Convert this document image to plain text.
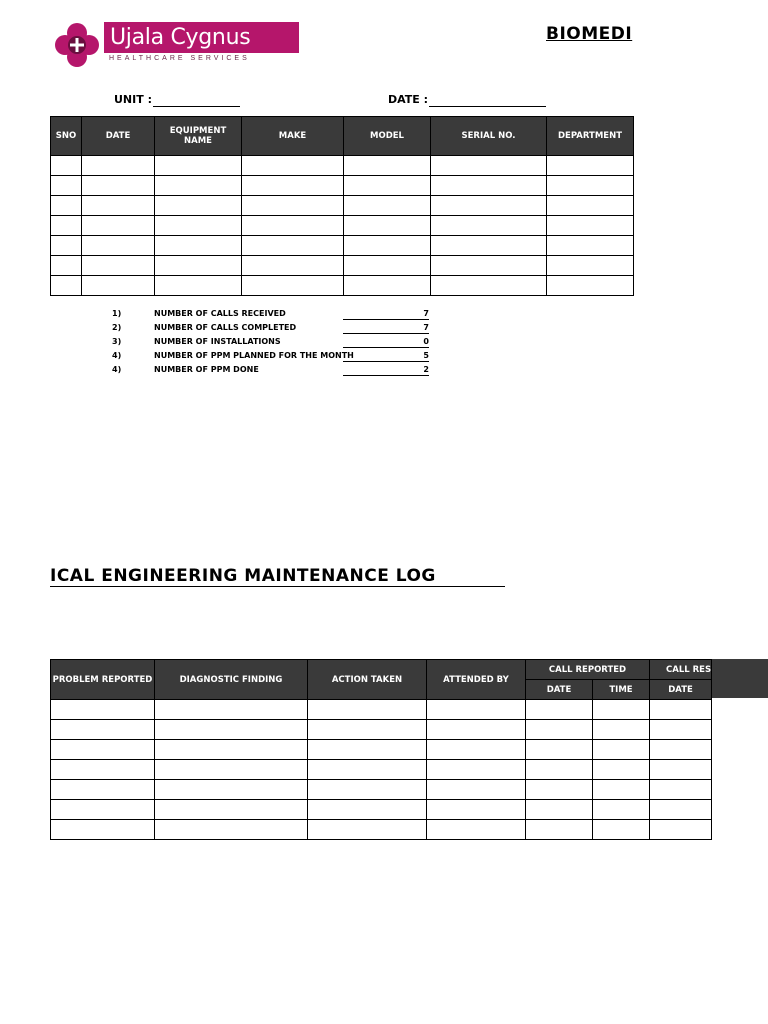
Ujala Cygnus
HEALTHCARE SERVICES
BIOMEDI
UNIT :	DATE :
SNO	DATE	EQUIPMENT NAME	MAKE	MODEL	SERIAL NO.	DEPARTMENT

1)	NUMBER OF CALLS RECEIVED	7
2)	NUMBER OF CALLS COMPLETED	7
3)	NUMBER OF INSTALLATIONS	0
4)	NUMBER OF PPM PLANNED FOR THE MONTH	5
4)	NUMBER OF PPM DONE	2
ICAL ENGINEERING MAINTENANCE LOG
PROBLEM REPORTED	DIAGNOSTIC FINDING	ACTION TAKEN	ATTENDED BY	CALL REPORTED		CALL RES
				DATE	TIME	DATE
